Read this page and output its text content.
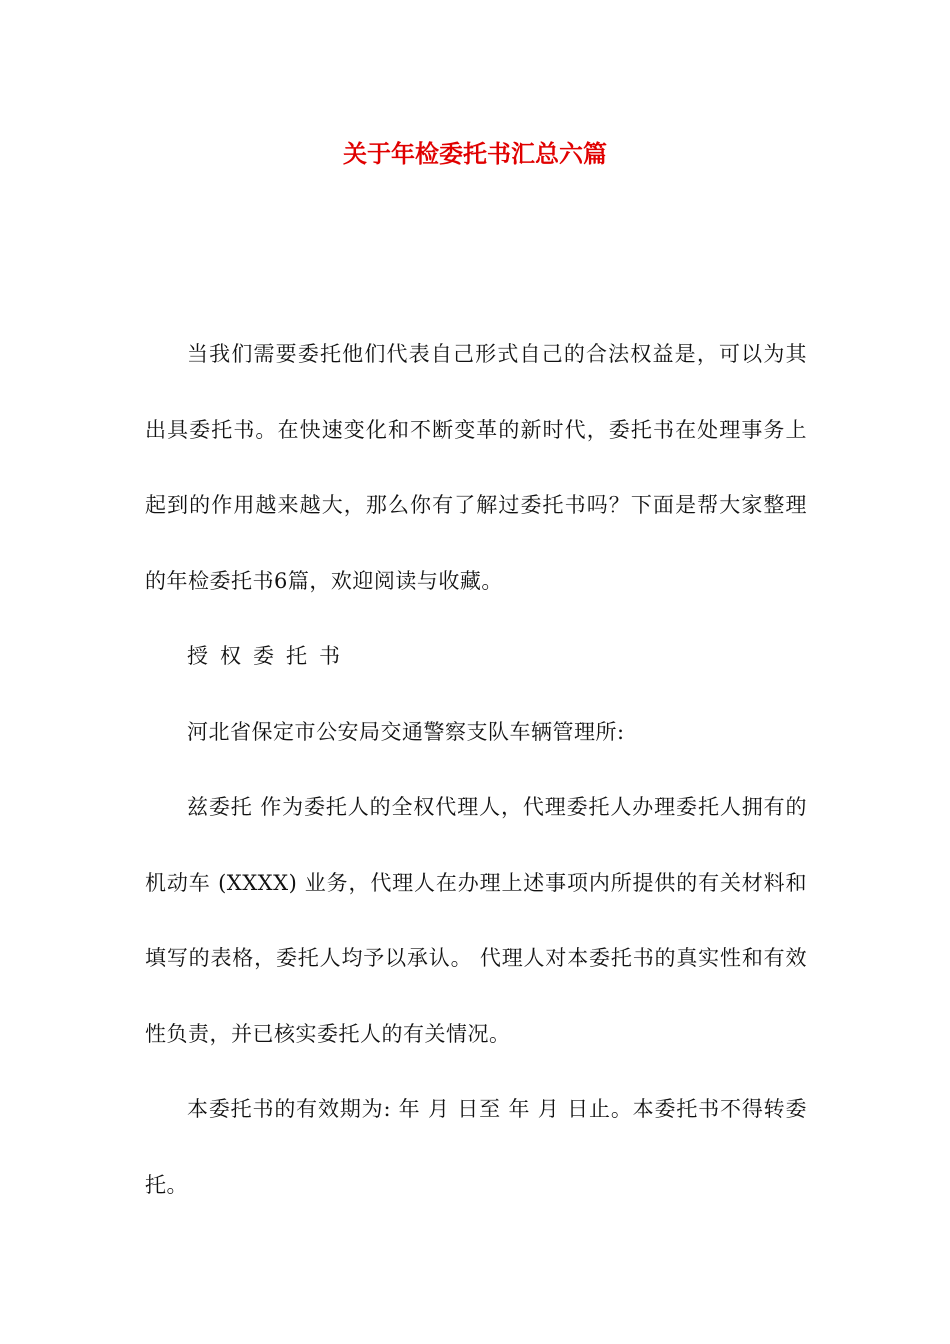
关于年检委托书汇总六篇

当我们需要委托他们代表自己形式自己的合法权益是，可以为其出具委托书。在快速变化和不断变革的新时代，委托书在处理事务上起到的作用越来越大，那么你有了解过委托书吗？下面是帮大家整理的年检委托书6篇，欢迎阅读与收藏。

授权委托书

河北省保定市公安局交通警察支队车辆管理所:

兹委托 作为委托人的全权代理人，代理委托人办理委托人拥有的机动车 (XXXX) 业务，代理人在办理上述事项内所提供的有关材料和填写的表格，委托人均予以承认。 代理人对本委托书的真实性和有效性负责，并已核实委托人的有关情况。

本委托书的有效期为: 年 月 日至 年 月 日止。本委托书不得转委托。
